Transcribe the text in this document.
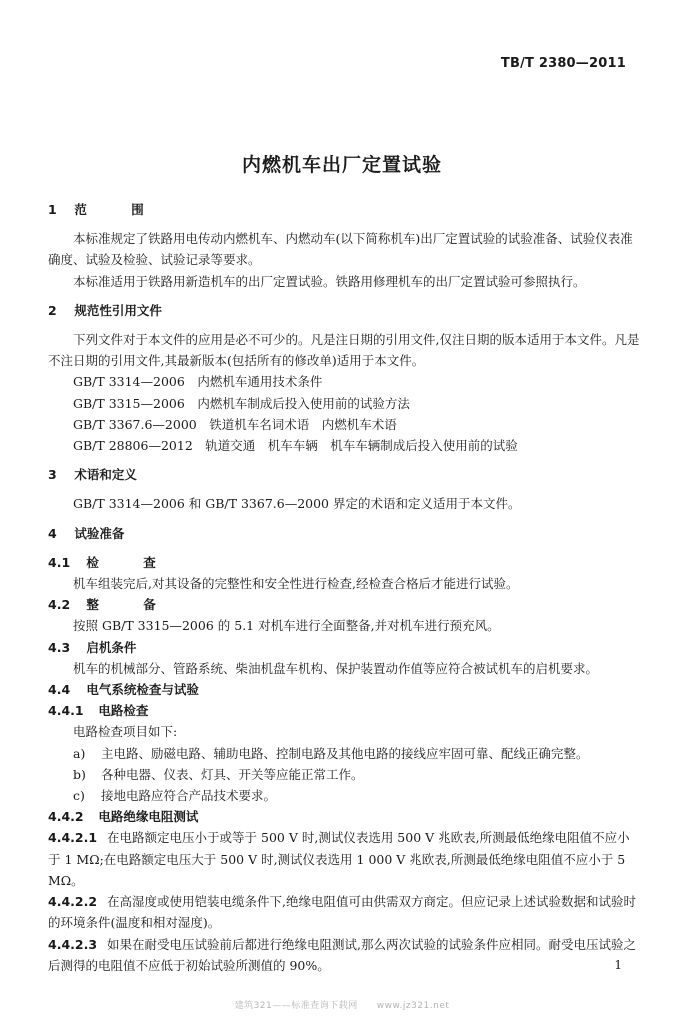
TB/T 2380—2011
内燃机车出厂定置试验
1 范 围

本标准规定了铁路用电传动内燃机车、内燃动车(以下简称机车)出厂定置试验的试验准备、试验仪表准确度、试验及检验、试验记录等要求。

本标准适用于铁路用新造机车的出厂定置试验。铁路用修理机车的出厂定置试验可参照执行。

2 规范性引用文件

下列文件对于本文件的应用是必不可少的。凡是注日期的引用文件,仅注日期的版本适用于本文件。凡是不注日期的引用文件,其最新版本(包括所有的修改单)适用于本文件。

GB/T 3314—2006　内燃机车通用技术条件

GB/T 3315—2006　内燃机车制成后投入使用前的试验方法

GB/T 3367.6—2000　铁道机车名词术语　内燃机车术语

GB/T 28806—2012　轨道交通　机车车辆　机车车辆制成后投入使用前的试验

3 术语和定义

GB/T 3314—2006 和 GB/T 3367.6—2000 界定的术语和定义适用于本文件。

4 试验准备
4.1 检 查

机车组装完后,对其设备的完整性和安全性进行检查,经检查合格后才能进行试验。

4.2 整 备

按照 GB/T 3315—2006 的 5.1 对机车进行全面整备,并对机车进行预充风。

4.3 启机条件

机车的机械部分、管路系统、柴油机盘车机构、保护装置动作值等应符合被试机车的启机要求。

4.4 电气系统检查与试验
4.4.1 电路检查

电路检查项目如下:

a) 主电路、励磁电路、辅助电路、控制电路及其他电路的接线应牢固可靠、配线正确完整。

b) 各种电器、仪表、灯具、开关等应能正常工作。

c) 接地电路应符合产品技术要求。

4.4.2 电路绝缘电阻测试

4.4.2.1 在电路额定电压小于或等于 500 V 时,测试仪表选用 500 V 兆欧表,所测最低绝缘电阻值不应小于 1 MΩ;在电路额定电压大于 500 V 时,测试仪表选用 1 000 V 兆欧表,所测最低绝缘电阻值不应小于 5 MΩ。

4.4.2.2 在高湿度或使用铠装电缆条件下,绝缘电阻值可由供需双方商定。但应记录上述试验数据和试验时的环境条件(温度和相对湿度)。

4.4.2.3 如果在耐受电压试验前后都进行绝缘电阻测试,那么两次试验的试验条件应相同。耐受电压试验之后测得的电阻值不应低于初始试验所测值的 90%。	1
建筑321——标准查询下载网　　www.jz321.net
